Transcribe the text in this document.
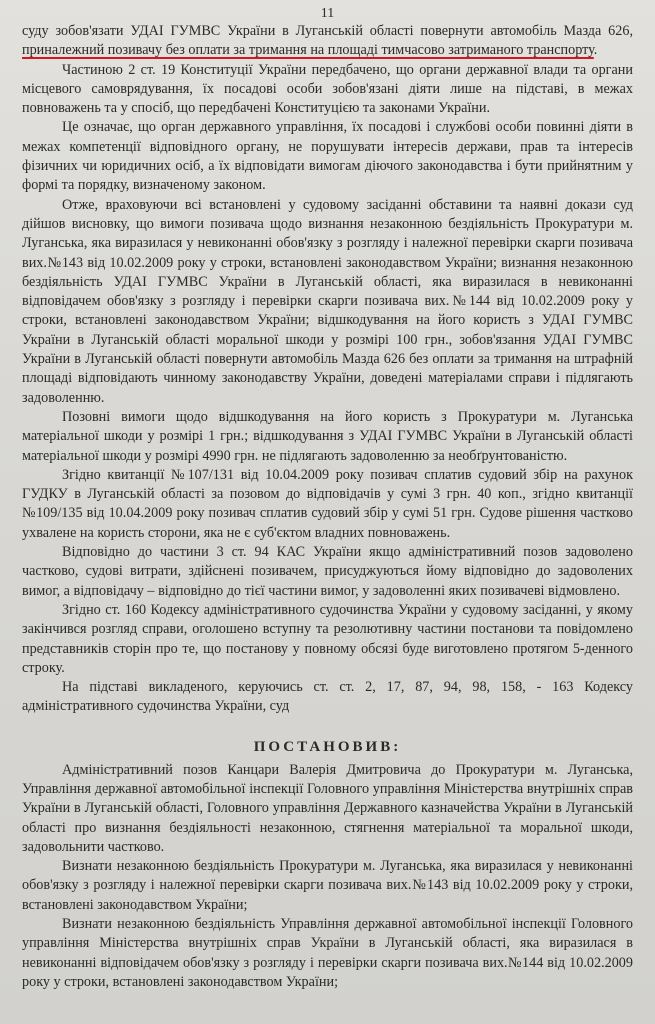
11

суду зобов'язати УДАІ ГУМВС України в Луганській області повернути автомобіль Мазда 626, приналежний позивачу без оплати за тримання на площаді тимчасово затриманого транспорту.

Частиною 2 ст. 19 Конституції України передбачено, що органи державної влади та органи місцевого самоврядування, їх посадові особи зобов'язані діяти лише на підставі, в межах повноважень та у спосіб, що передбачені Конституцією та законами України.

Це означає, що орган державного управління, їх посадові і службові особи повинні діяти в межах компетенції відповідного органу, не порушувати інтересів держави, прав та інтересів фізичних чи юридичних осіб, а їх відповідати вимогам діючого законодавства і бути прийнятним у формі та порядку, визначеному законом.

Отже, враховуючи всі встановлені у судовому засіданні обставини та наявні докази суд дійшов висновку, що вимоги позивача щодо визнання незаконною бездіяльність Прокуратури м. Луганська, яка виразилася у невиконанні обов'язку з розгляду і належної перевірки скарги позивача вих.№143 від 10.02.2009 року у строки, встановлені законодавством України; визнання незаконною бездіяльність УДАІ ГУМВС України в Луганській області, яка виразилася в невиконанні відповідачем обов'язку з розгляду і перевірки скарги позивача вих.№144 від 10.02.2009 року у строки, встановлені законодавством України; відшкодування на його користь з УДАІ ГУМВС України в Луганській області моральної шкоди у розмірі 100 грн., зобов'язання УДАІ ГУМВС України в Луганській області повернути автомобіль Мазда 626 без оплати за тримання на штрафній площаді відповідають чинному законодавству України, доведені матеріалами справи і підлягають задоволенню.

Позовні вимоги щодо відшкодування на його користь з Прокуратури м. Луганська матеріальної шкоди у розмірі 1 грн.; відшкодування з УДАІ ГУМВС України в Луганській області матеріальної шкоди у розмірі 4990 грн. не підлягають задоволенню за необґрунтованістю.

Згідно квитанції №107/131 від 10.04.2009 року позивач сплатив судовий збір на рахунок ГУДКУ в Луганській області за позовом до відповідачів у сумі 3 грн. 40 коп., згідно квитанції №109/135 від 10.04.2009 року позивач сплатив судовий збір у сумі 51 грн. Судове рішення частково ухвалене на користь сторони, яка не є суб'єктом владних повноважень.

Відповідно до частини 3 ст. 94 КАС України якщо адміністративний позов задоволено частково, судові витрати, здійснені позивачем, присуджуються йому відповідно до задоволених вимог, а відповідачу – відповідно до тієї частини вимог, у задоволенні яких позивачеві відмовлено.

Згідно ст. 160 Кодексу адміністративного судочинства України у судовому засіданні, у якому закінчився розгляд справи, оголошено вступну та резолютивну частини постанови та повідомлено представників сторін про те, що постанову у повному обсязі буде виготовлено протягом 5-денного строку.

На підставі викладеного, керуючись ст. ст. 2, 17, 87, 94, 98, 158, - 163 Кодексу адміністративного судочинства України, суд

ПОСТАНОВИВ:

Адміністративний позов Канцари Валерія Дмитровича до Прокуратури м. Луганська, Управління державної автомобільної інспекції Головного управління Міністерства внутрішніх справ України в Луганській області, Головного управління Державного казначейства України в Луганській області про визнання бездіяльності незаконною, стягнення матеріальної та моральної шкоди, задовольнити частково.

Визнати незаконною бездіяльність Прокуратури м. Луганська, яка виразилася у невиконанні обов'язку з розгляду і належної перевірки скарги позивача вих.№143 від 10.02.2009 року у строки, встановлені законодавством України;

Визнати незаконною бездіяльність Управління державної автомобільної інспекції Головного управління Міністерства внутрішніх справ України в Луганській області, яка виразилася в невиконанні відповідачем обов'язку з розгляду і перевірки скарги позивача вих.№144 від 10.02.2009 року у строки, встановлені законодавством України;
